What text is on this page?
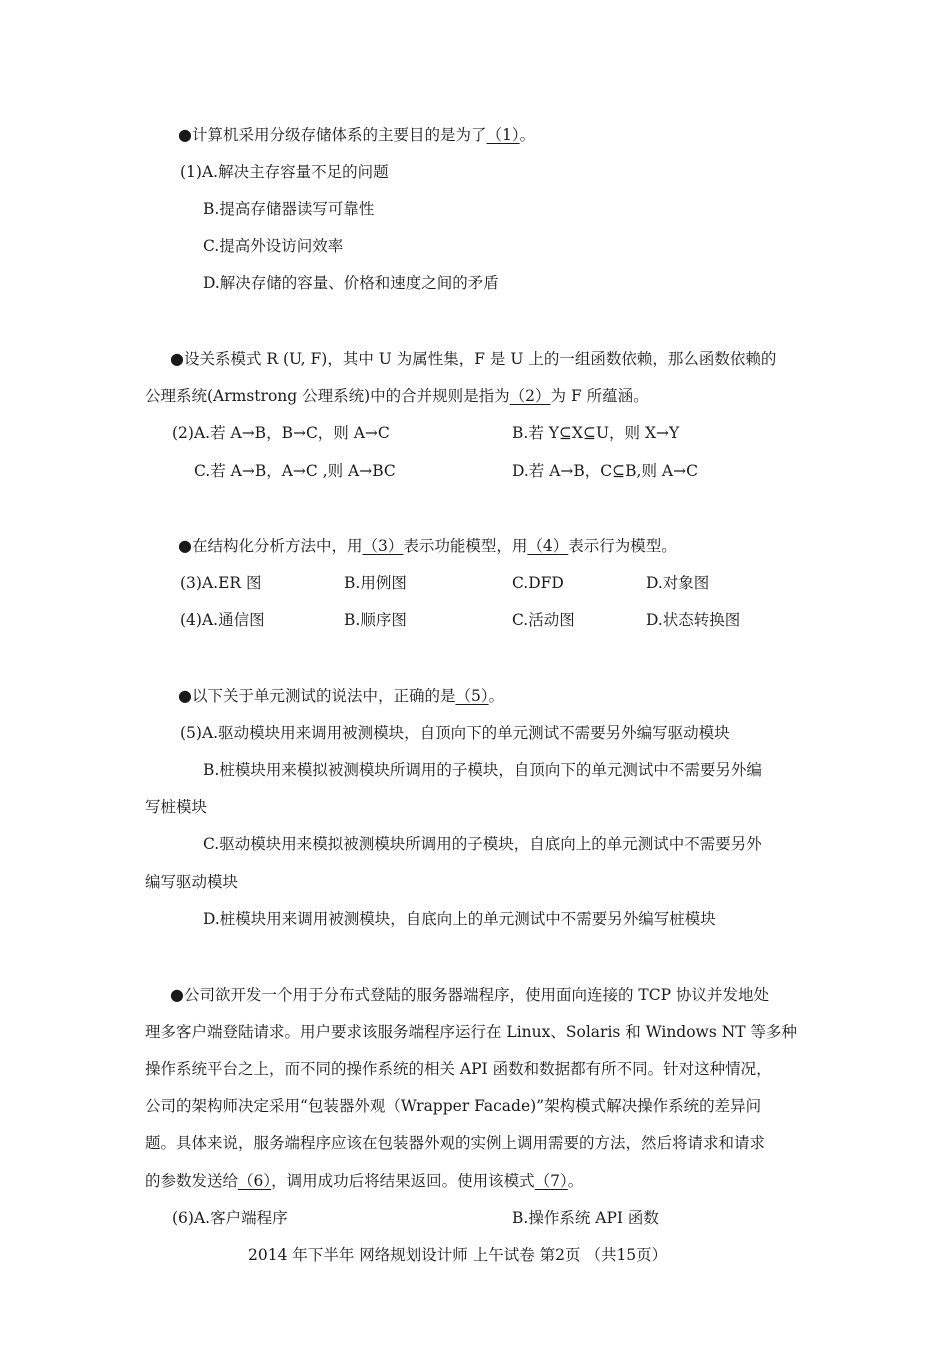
●计算机采用分级存储体系的主要目的是为了（1）。
(1)A.解决主存容量不足的问题
B.提高存储器读写可靠性
C.提高外设访问效率
D.解决存储的容量、价格和速度之间的矛盾
●设关系模式 R (U, F)，其中 U 为属性集，F 是 U 上的一组函数依赖，那么函数依赖的
公理系统(Armstrong 公理系统)中的合并规则是指为（2）为 F 所蕴涵。
(2)A.若 A→B，B→C，则 A→C	B.若 Y⊆X⊆U，则 X→Y
C.若 A→B，A→C ,则 A→BC	D.若 A→B，C⊆B,则 A→C
●在结构化分析方法中，用（3）表示功能模型，用（4）表示行为模型。
(3)A.ER 图	B.用例图	C.DFD	D.对象图
(4)A.通信图	B.顺序图	C.活动图	D.状态转换图
●以下关于单元测试的说法中，正确的是（5）。
(5)A.驱动模块用来调用被测模块，自顶向下的单元测试不需要另外编写驱动模块
B.桩模块用来模拟被测模块所调用的子模块，自顶向下的单元测试中不需要另外编
写桩模块
C.驱动模块用来模拟被测模块所调用的子模块，自底向上的单元测试中不需要另外
编写驱动模块
D.桩模块用来调用被测模块，自底向上的单元测试中不需要另外编写桩模块
●公司欲开发一个用于分布式登陆的服务器端程序，使用面向连接的 TCP 协议并发地处
理多客户端登陆请求。用户要求该服务端程序运行在 Linux、Solaris 和 Windows NT 等多种
操作系统平台之上，而不同的操作系统的相关 API 函数和数据都有所不同。针对这种情况，
公司的架构师决定采用“包装器外观（Wrapper Facade)”架构模式解决操作系统的差异问
题。具体来说，服务端程序应该在包装器外观的实例上调用需要的方法，然后将请求和请求
的参数发送给（6），调用成功后将结果返回。使用该模式（7）。
(6)A.客户端程序	B.操作系统 API 函数
2014 年下半年 网络规划设计师 上午试卷 第2页 （共15页）
